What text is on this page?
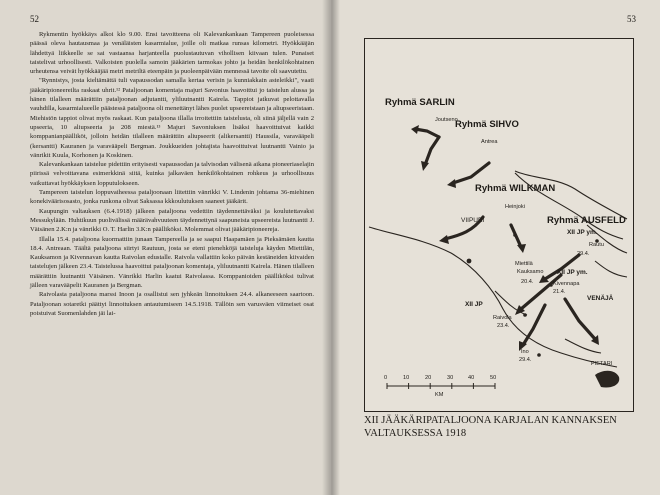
52

Rykmentin hyökkäys alkoi klo 9.00. Ensi tavoitteena oli Kalevankankaan Tampereen puoleisessa päässä oleva hautausmaa ja venäläisten kasarmialue, joille oli matkaa runsas kilometri. Hyökkääjän lähdettyä liikkeelle se sai vastaansa harjanteella puolustautuvan vihollisen kiivaan tulen. Punaiset taistelivat urhoollisesti. Valkoisten puolella samoin jääkärien tarmokas johto ja heidän henkilökohtainen urheutensa veivät hyökkääjää metri metriltä eteenpäin ja puoleenpäivään mennessä tavoite oli saavutettu.

"Rynnistys, josta kieltämättä tuli vapaussodan samalla kertaa verisin ja kunniakkain asteleikki", vaati jääkäripioneereilta raskaat uhrit.¹² Pataljoonan komentaja majuri Savonius haavoittui jo taistelun alussa ja hänen tilalleen määrättiin pataljoonan adjutantti, yliluutnantti Kairela. Tappiot jatkuvat pelottavalla vauhdilla, kasarmialueelle päästessä pataljoona oli menettänyt lähes puolet upseereistaan ja aliupseeristaan. Miehistön tappiot olivat myös raskaat. Kun pataljoona illalla irroitettiin taistelusta, oli siinä jäljellä vain 2 upseeria, 10 aliupseeria ja 208 miestä.¹³ Majuri Savoniuksen lisäksi haavoittuivat kaikki komppanianpäälliköt, jolloin heidän tilalleen määrättiin aliupseerit (alikersantti) Haussila, varavääpeli (kersantti) Kauranen ja varavääpeli Bergman. Joukkueiden johtajista haavoittuivat luutnantti Vainio ja vänrikit Kuula, Korhonen ja Koskinen.

Kalevankankaan taistelue pidettiin erityisesti vapaussodan ja talvisodan välisenä aikana pioneeriaselajin piirissä velvoittavana esimerkkinä siitä, kuinka jalkaväen henkilökohtainen rohkeus ja urhoollisuus vaikuttavat hyökkäyksen lopputulokseen.

Tampereen taistelun loppuvaiheessa pataljoonaan liitettiin vänrikki V. Lindenin johtama 36-miehinen konekiväärisosasto, jonka runkona olivat Saksassa kkkoulutuksen saaneet jääkärit.

Kaupungin valtauksen (6.4.1918) jälkeen pataljoona vedettiin täydennettäväksi ja koulutettavaksi Messukylään. Huhtikuun puolivälissä määrävahvuuteen täydennettynä saapuneista upseereista luutnantti J. Väisänen 2.K:n ja vänrikki O. T. Harlin 3.K:n päälliköksi. Molemmat olivat jääkäripioneereja.

Illalla 15.4. pataljoona kuormattiin junaan Tampereella ja se saapui Haapamäen ja Pieksämäen kautta 18.4. Antreaan. Täältä pataljoona siirtyi Rautuun, josta se eteni pienehköjä taisteluja käyden Miettilän, Kauksamon ja Kivennavan kautta Raivolan edustalle. Raivola vallattiin koko päivän kestäneiden kiivaiden taistelujen jälkeen 23.4. Taistelussa haavoittui pataljoonan komentaja, yliluutnantti Kairela. Hänen tilalleen määrättiin luutnantti Väisänen. Vänrikki Harlin kaatui Raivolassa. Komppanioiden päälliköksi tulivat jälleen varavääpelit Kauranen ja Bergman.

Raivolasta pataljoona marssi Inoon ja osallistui sen jyhkeän linnoituksen 24.4. alkaneeseen saartoon. Pataljoonan sotaretki päättyi linnoituksen antautumiseen 14.5.1918. Tällöin sen varusväen viimeiset osat poistuivat Suomenlahden jäi lai-

53
Ryhmä SARLIN
Joutseno
Ryhmä SIHVO
Antrea
Ryhmä WILKMAN
VIIPURI
Heinjoki
Ryhmä AUSFELD
XII JP ym.
Rautu
29.4.
Miettilä
Kauksamo
20.4.
XII JP ym.
Kivennapa
21.4.
VENÄJÄ
XII JP
Raivola
23.4.
Ino
29.4.
PIETARI
0	10	20	30	40	50
KM
XII JÄÄKÄRIPATALJOONA KARJALAN KANNAKSEN VALTAUKSESSA 1918
